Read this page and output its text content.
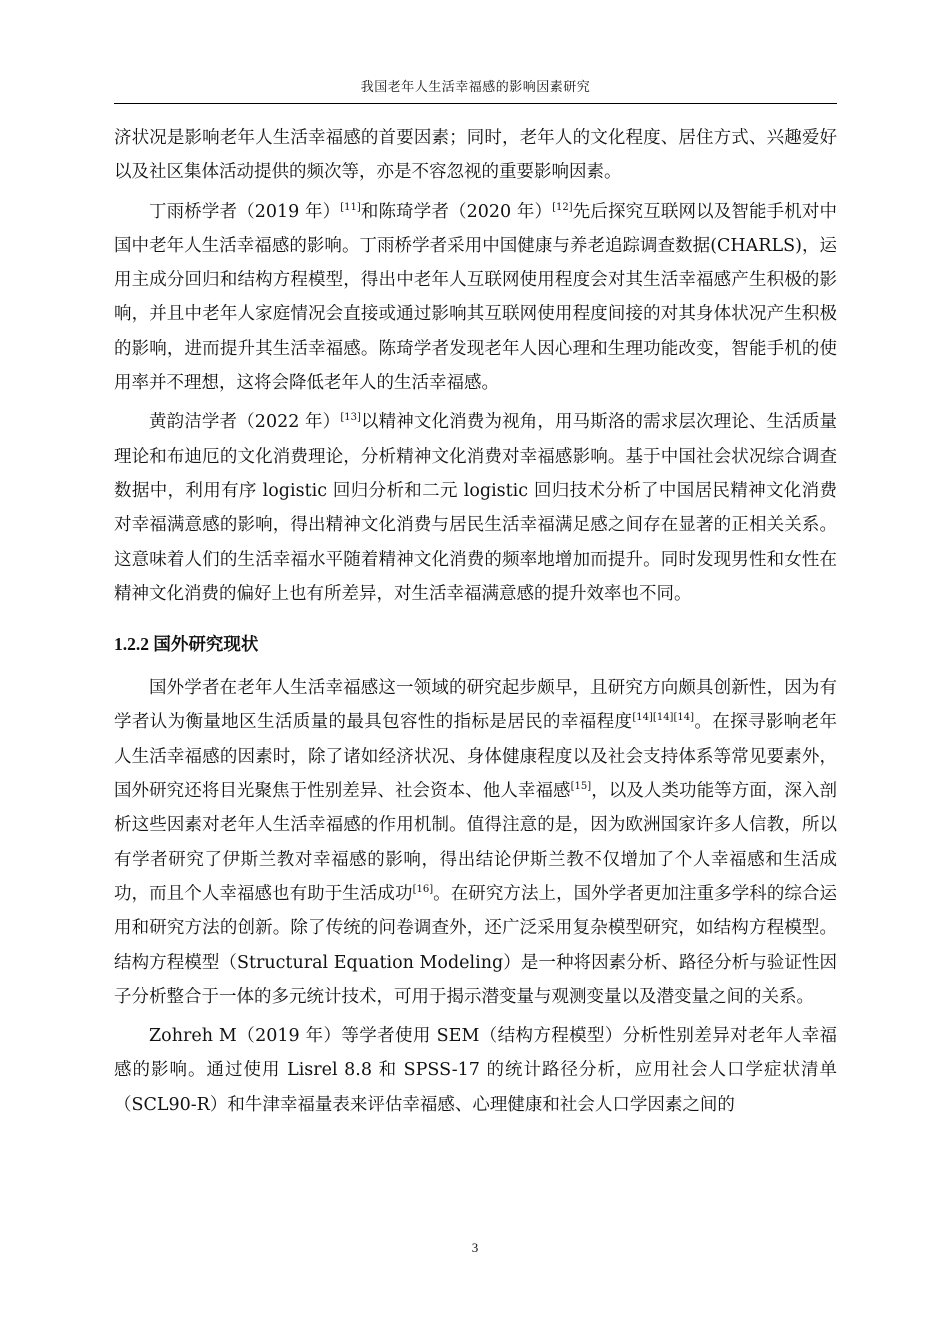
我国老年人生活幸福感的影响因素研究

济状况是影响老年人生活幸福感的首要因素；同时，老年人的文化程度、居住方式、兴趣爱好以及社区集体活动提供的频次等，亦是不容忽视的重要影响因素。

丁雨桥学者（2019 年）[11]和陈琦学者（2020 年）[12]先后探究互联网以及智能手机对中国中老年人生活幸福感的影响。丁雨桥学者采用中国健康与养老追踪调查数据(CHARLS)，运用主成分回归和结构方程模型，得出中老年人互联网使用程度会对其生活幸福感产生积极的影响，并且中老年人家庭情况会直接或通过影响其互联网使用程度间接的对其身体状况产生积极的影响，进而提升其生活幸福感。陈琦学者发现老年人因心理和生理功能改变，智能手机的使用率并不理想，这将会降低老年人的生活幸福感。

黄韵洁学者（2022 年）[13]以精神文化消费为视角，用马斯洛的需求层次理论、生活质量理论和布迪厄的文化消费理论，分析精神文化消费对幸福感影响。基于中国社会状况综合调查数据中，利用有序 logistic 回归分析和二元 logistic 回归技术分析了中国居民精神文化消费对幸福满意感的影响，得出精神文化消费与居民生活幸福满足感之间存在显著的正相关关系。这意味着人们的生活幸福水平随着精神文化消费的频率地增加而提升。同时发现男性和女性在精神文化消费的偏好上也有所差异，对生活幸福满意感的提升效率也不同。

1.2.2 国外研究现状

国外学者在老年人生活幸福感这一领域的研究起步颇早，且研究方向颇具创新性，因为有学者认为衡量地区生活质量的最具包容性的指标是居民的幸福程度[14][14][14]。在探寻影响老年人生活幸福感的因素时，除了诸如经济状况、身体健康程度以及社会支持体系等常见要素外，国外研究还将目光聚焦于性别差异、社会资本、他人幸福感[15]，以及人类功能等方面，深入剖析这些因素对老年人生活幸福感的作用机制。值得注意的是，因为欧洲国家许多人信教，所以有学者研究了伊斯兰教对幸福感的影响，得出结论伊斯兰教不仅增加了个人幸福感和生活成功，而且个人幸福感也有助于生活成功[16]。在研究方法上，国外学者更加注重多学科的综合运用和研究方法的创新。除了传统的问卷调查外，还广泛采用复杂模型研究，如结构方程模型。结构方程模型（Structural Equation Modeling）是一种将因素分析、路径分析与验证性因子分析整合于一体的多元统计技术，可用于揭示潜变量与观测变量以及潜变量之间的关系。

Zohreh M（2019 年）等学者使用 SEM（结构方程模型）分析性别差异对老年人幸福感的影响。通过使用 Lisrel 8.8 和 SPSS-17 的统计路径分析，应用社会人口学症状清单（SCL90-R）和牛津幸福量表来评估幸福感、心理健康和社会人口学因素之间的

3
